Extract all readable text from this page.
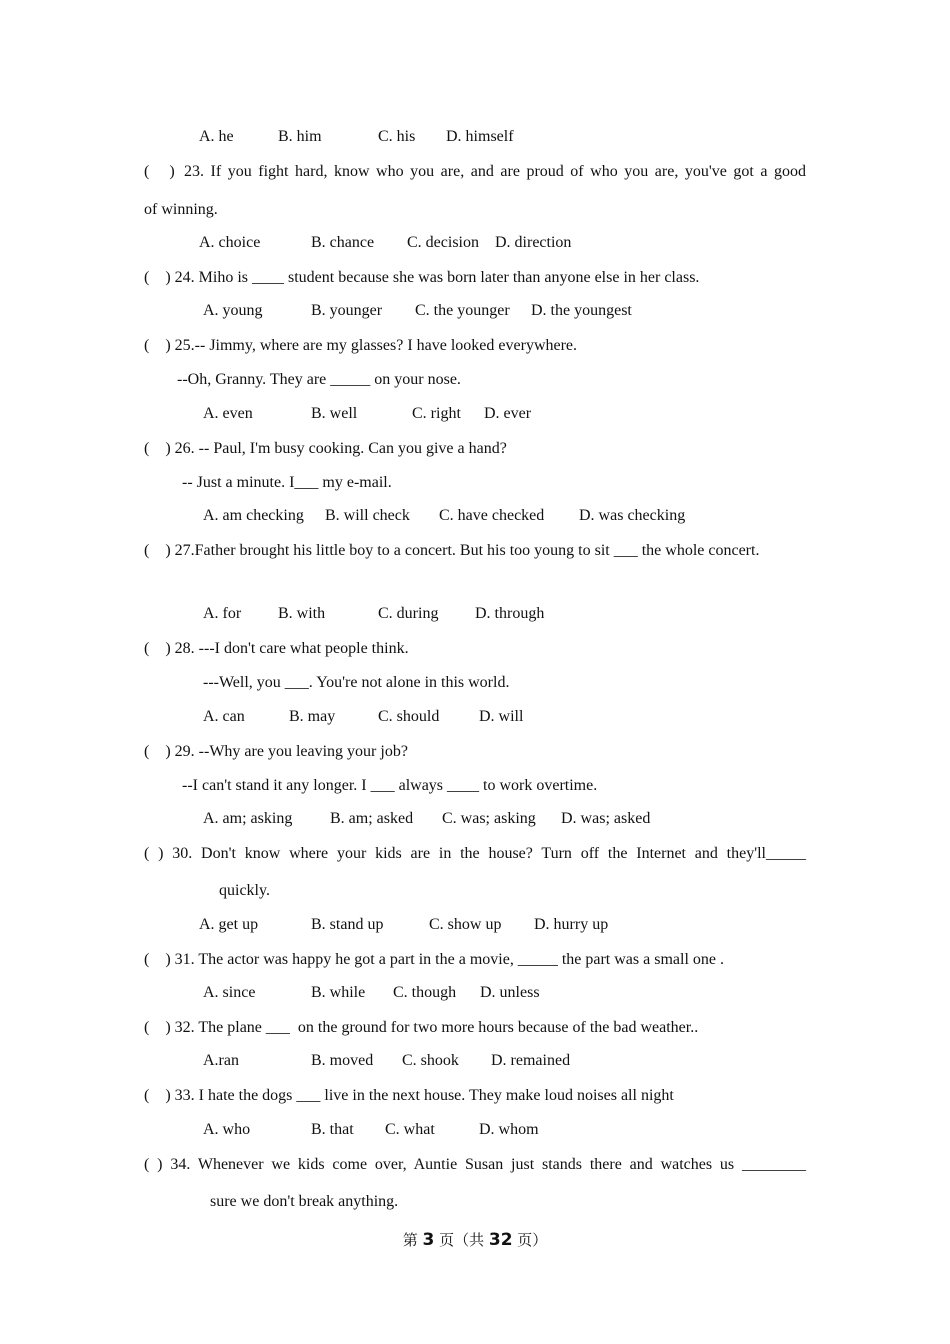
A. he	B. him	C. his D. himself
(     ) 23. If you fight hard, know who you are, and are proud of who you are, you've got a good
of winning.
A. choice	B. chance C. decision D. direction
(    ) 24. Miho is ____ student because she was born later than anyone else in her class.
A. young	B. younger C. the younger D. the youngest
(    ) 25.-- Jimmy, where are my glasses? I have looked everywhere.
--Oh, Granny. They are _____ on your nose.
A. even	B. well	C. right D. ever
(    ) 26. -- Paul, I'm busy cooking. Can you give a hand?
-- Just a minute. I___ my e-mail.
A. am checking B. will check C. have checked D. was checking
(    ) 27.Father brought his little boy to a concert. But his too young to sit ___ the whole concert.
A. for B. with	C. during D. through
(    ) 28. ---I don't care what people think.
---Well, you ___. You're not alone in this world.
A. can	B. may	C. should D. will
(    ) 29. --Why are you leaving your job?
--I can't stand it any longer. I ___ always ____ to work overtime.
A. am; asking B. am; asked C. was; asking D. was; asked
( ) 30. Don't know where your kids are in the house? Turn off the Internet and they'll_____
quickly.
A. get up	B. stand up	C. show up D. hurry up
(    ) 31. The actor was happy he got a part in the a movie, _____ the part was a small one .
A. since	B. while C. though D. unless
(    ) 32. The plane ___  on the ground for two more hours because of the bad weather..
A.ran	B. moved C. shook D. remained
(    ) 33. I hate the dogs ___ live in the next house. They make loud noises all night
A. who	B. that C. what	D. whom
( ) 34. Whenever we kids come over, Auntie Susan just stands there and watches us ________
sure we don't break anything.
第 3 页（共 32 页）
